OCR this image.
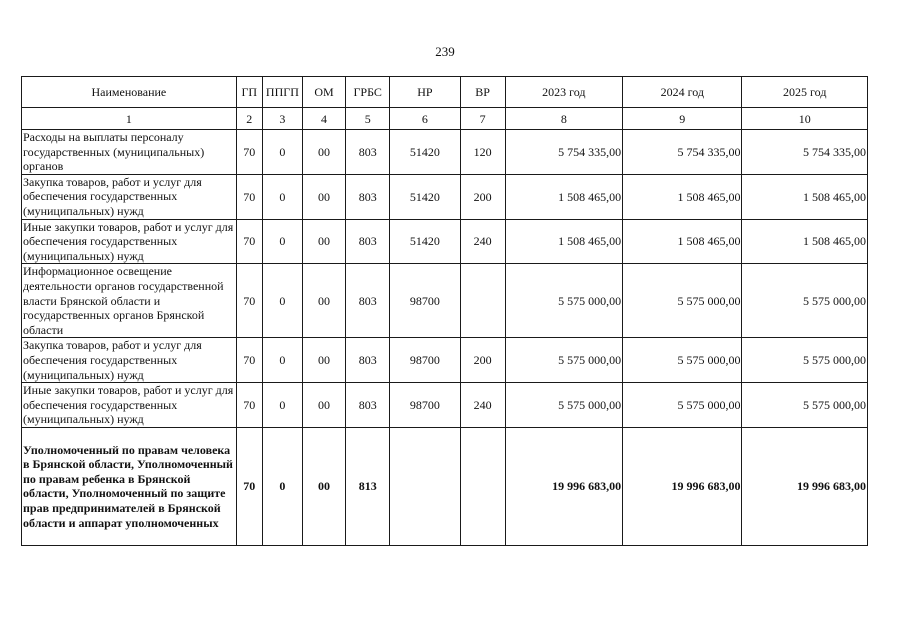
239
Наименование	ГП	ППГП	ОМ	ГРБС	НР	ВР	2023 год	2024 год	2025 год
1	2	3	4	5	6	7	8	9	10
Расходы на выплаты персоналу государственных (муниципальных) органов	70	0	00	803	51420	120	5 754 335,00	5 754 335,00	5 754 335,00
Закупка товаров, работ и услуг для обеспечения государственных (муниципальных) нужд	70	0	00	803	51420	200	1 508 465,00	1 508 465,00	1 508 465,00
Иные закупки товаров, работ и услуг для обеспечения государственных (муниципальных) нужд	70	0	00	803	51420	240	1 508 465,00	1 508 465,00	1 508 465,00
Информационное освещение деятельности органов государственной власти Брянской области и государственных органов Брянской области	70	0	00	803	98700		5 575 000,00	5 575 000,00	5 575 000,00
Закупка товаров, работ и услуг для обеспечения государственных (муниципальных) нужд	70	0	00	803	98700	200	5 575 000,00	5 575 000,00	5 575 000,00
Иные закупки товаров, работ и услуг для обеспечения государственных (муниципальных) нужд	70	0	00	803	98700	240	5 575 000,00	5 575 000,00	5 575 000,00
Уполномоченный по правам человека в Брянской области, Уполномоченный по правам ребенка в Брянской области, Уполномоченный по защите прав предпринимателей в Брянской области и аппарат уполномоченных	70	0	00	813			19 996 683,00	19 996 683,00	19 996 683,00
